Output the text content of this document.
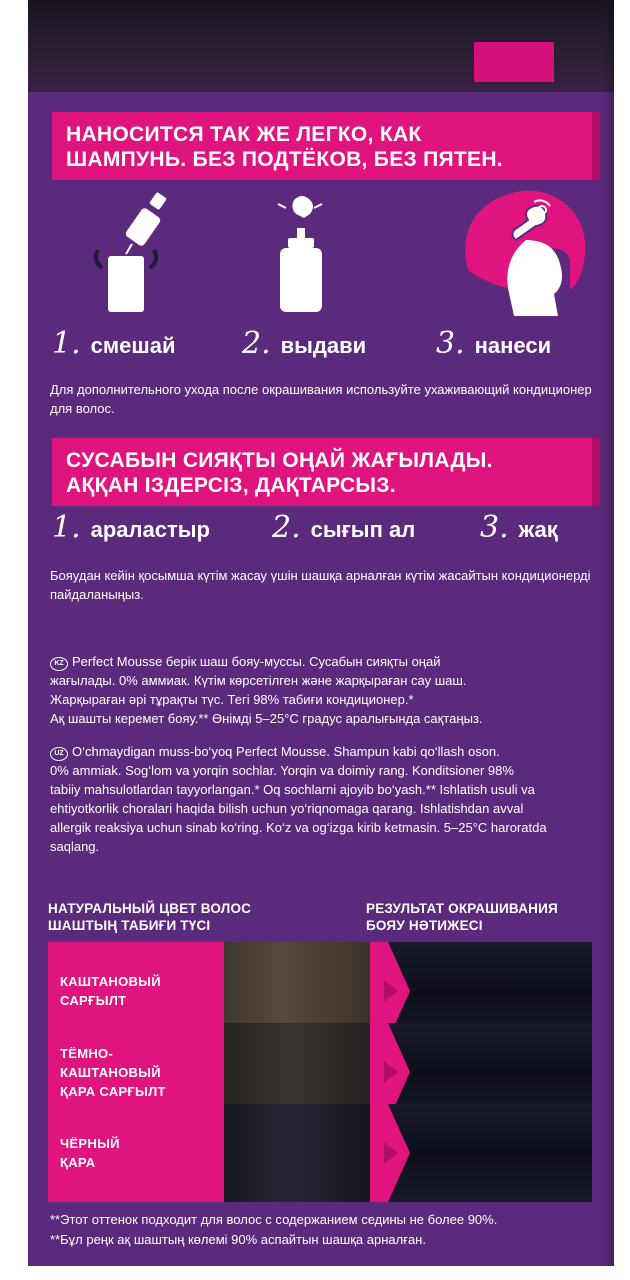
НАНОСИТСЯ ТАК ЖЕ ЛЕГКО, КАК
ШАМПУНЬ. БЕЗ ПОДТЁКОВ, БЕЗ ПЯТЕН.
1. смешай 2. выдави 3. нанеси
Для дополнительного ухода после окрашивания используйте ухаживающий кондиционер для волос.
СУСАБЫН СИЯҚТЫ ОҢАЙ ЖАҒЫЛАДЫ.
АҚҚАН ІЗДЕРСІЗ, ДАҚТАРСЫЗ.
1. араластыр 2. сығып ал 3. жақ
Бояудан кейін қосымша күтім жасау үшін шашқа арналған күтім жасайтын кондиционерді пайдаланыңыз.
KZ Perfect Mousse берік шаш бояу-муссы. Сусабын сияқты оңай
жағылады. 0% аммиак. Күтім көрсетілген және жарқыраған сау шаш.
Жарқыраған әрі тұрақты түс. Тегі 98% табиғи кондиционер.*
Ақ шашты керемет бояу.** Өнімді 5–25°C градус аралығында сақтаңыз.
UZ O‘chmaydigan muss-bo‘yoq Perfect Mousse. Shampun kabi qo‘llash oson.
0% ammiak. Sog‘lom va yorqin sochlar. Yorqin va doimiy rang. Konditsioner 98%
tabiiy mahsulotlardan tayyorlangan.* Oq sochlarni ajoyib bo‘yash.** Ishlatish usuli va
ehtiyotkorlik choralari haqida bilish uchun yo‘riqnomaga qarang. Ishlatishdan avval
allergik reaksiya uchun sinab ko‘ring. Ko‘z va og‘izga kirib ketmasin. 5–25°C haroratda
saqlang.
НАТУРАЛЬНЫЙ ЦВЕТ ВОЛОС
ШАШТЫҢ ТАБИҒИ ТҮСІ
РЕЗУЛЬТАТ ОКРАШИВАНИЯ
БОЯУ НӘТИЖЕСІ
КАШТАНОВЫЙ
САРҒЫЛТ
ТЁМНО-
КАШТАНОВЫЙ
ҚАРА САРҒЫЛТ
ЧЁРНЫЙ
ҚАРА
**Этот оттенок подходит для волос с содержанием седины не более 90%.
**Бұл реңк ақ шаштың көлемі 90% аспайтын шашқа арналған.
